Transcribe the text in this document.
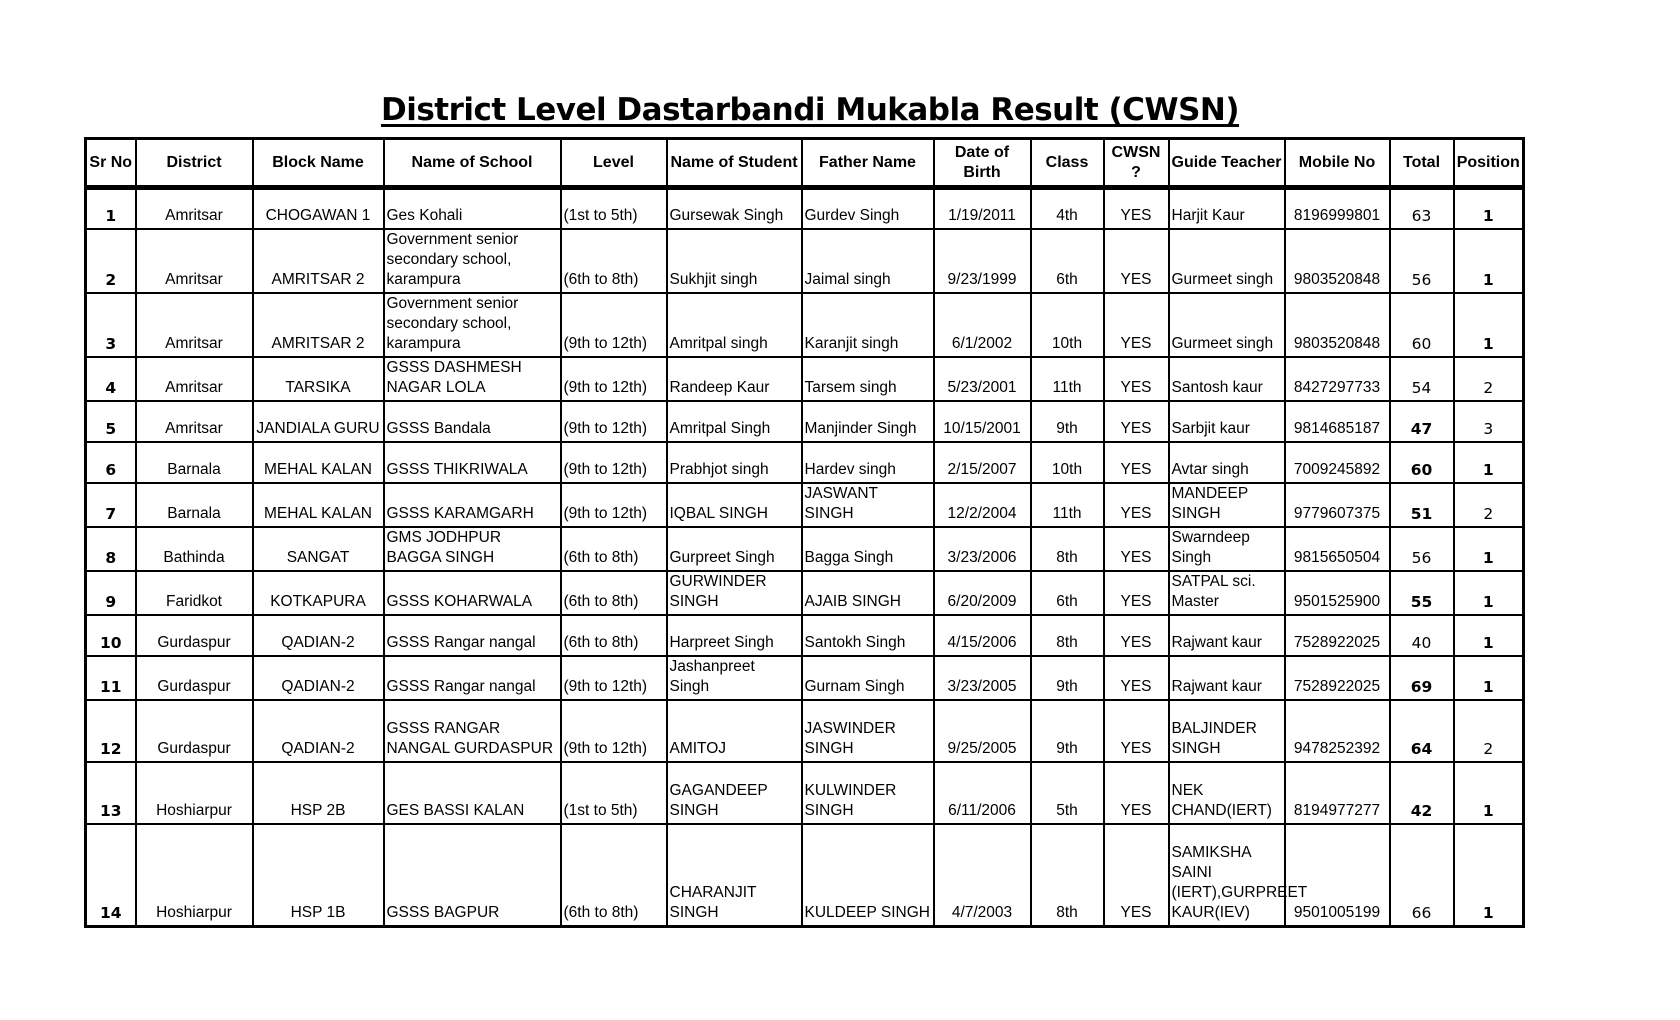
District Level Dastarbandi Mukabla Result (CWSN)
Sr No	District	Block Name	Name of School	Level	Name of Student	Father Name	Date of Birth	Class	CWSN ?	Guide Teacher	Mobile No	Total	Position
1	Amritsar	CHOGAWAN 1	Ges Kohali	(1st to 5th)	Gursewak Singh	Gurdev Singh	1/19/2011	4th	YES	Harjit Kaur	8196999801	63	1
2	Amritsar	AMRITSAR 2	Government senior secondary school, karampura	(6th to 8th)	Sukhjit singh	Jaimal singh	9/23/1999	6th	YES	Gurmeet singh	9803520848	56	1
3	Amritsar	AMRITSAR 2	Government senior secondary school, karampura	(9th to 12th)	Amritpal singh	Karanjit singh	6/1/2002	10th	YES	Gurmeet singh	9803520848	60	1
4	Amritsar	TARSIKA	GSSS DASHMESH NAGAR LOLA	(9th to 12th)	Randeep Kaur	Tarsem singh	5/23/2001	11th	YES	Santosh kaur	8427297733	54	2
5	Amritsar	JANDIALA GURU	GSSS Bandala	(9th to 12th)	Amritpal Singh	Manjinder Singh	10/15/2001	9th	YES	Sarbjit kaur	9814685187	47	3
6	Barnala	MEHAL KALAN	GSSS THIKRIWALA	(9th to 12th)	Prabhjot singh	Hardev singh	2/15/2007	10th	YES	Avtar singh	7009245892	60	1
7	Barnala	MEHAL KALAN	GSSS KARAMGARH	(9th to 12th)	IQBAL SINGH	JASWANT SINGH	12/2/2004	11th	YES	MANDEEP SINGH	9779607375	51	2
8	Bathinda	SANGAT	GMS JODHPUR BAGGA SINGH	(6th to 8th)	Gurpreet Singh	Bagga Singh	3/23/2006	8th	YES	Swarndeep Singh	9815650504	56	1
9	Faridkot	KOTKAPURA	GSSS KOHARWALA	(6th to 8th)	GURWINDER SINGH	AJAIB SINGH	6/20/2009	6th	YES	SATPAL sci. Master	9501525900	55	1
10	Gurdaspur	QADIAN-2	GSSS Rangar nangal	(6th to 8th)	Harpreet Singh	Santokh Singh	4/15/2006	8th	YES	Rajwant kaur	7528922025	40	1
11	Gurdaspur	QADIAN-2	GSSS Rangar nangal	(9th to 12th)	Jashanpreet Singh	Gurnam Singh	3/23/2005	9th	YES	Rajwant kaur	7528922025	69	1
12	Gurdaspur	QADIAN-2	GSSS RANGAR NANGAL GURDASPUR	(9th to 12th)	AMITOJ	JASWINDER SINGH	9/25/2005	9th	YES	BALJINDER SINGH	9478252392	64	2
13	Hoshiarpur	HSP 2B	GES BASSI KALAN	(1st to 5th)	GAGANDEEP SINGH	KULWINDER SINGH	6/11/2006	5th	YES	NEK CHAND(IERT)	8194977277	42	1
14	Hoshiarpur	HSP 1B	GSSS BAGPUR	(6th to 8th)	CHARANJIT SINGH	KULDEEP SINGH	4/7/2003	8th	YES	SAMIKSHA SAINI (IERT),GURPREET KAUR(IEV)	9501005199	66	1
